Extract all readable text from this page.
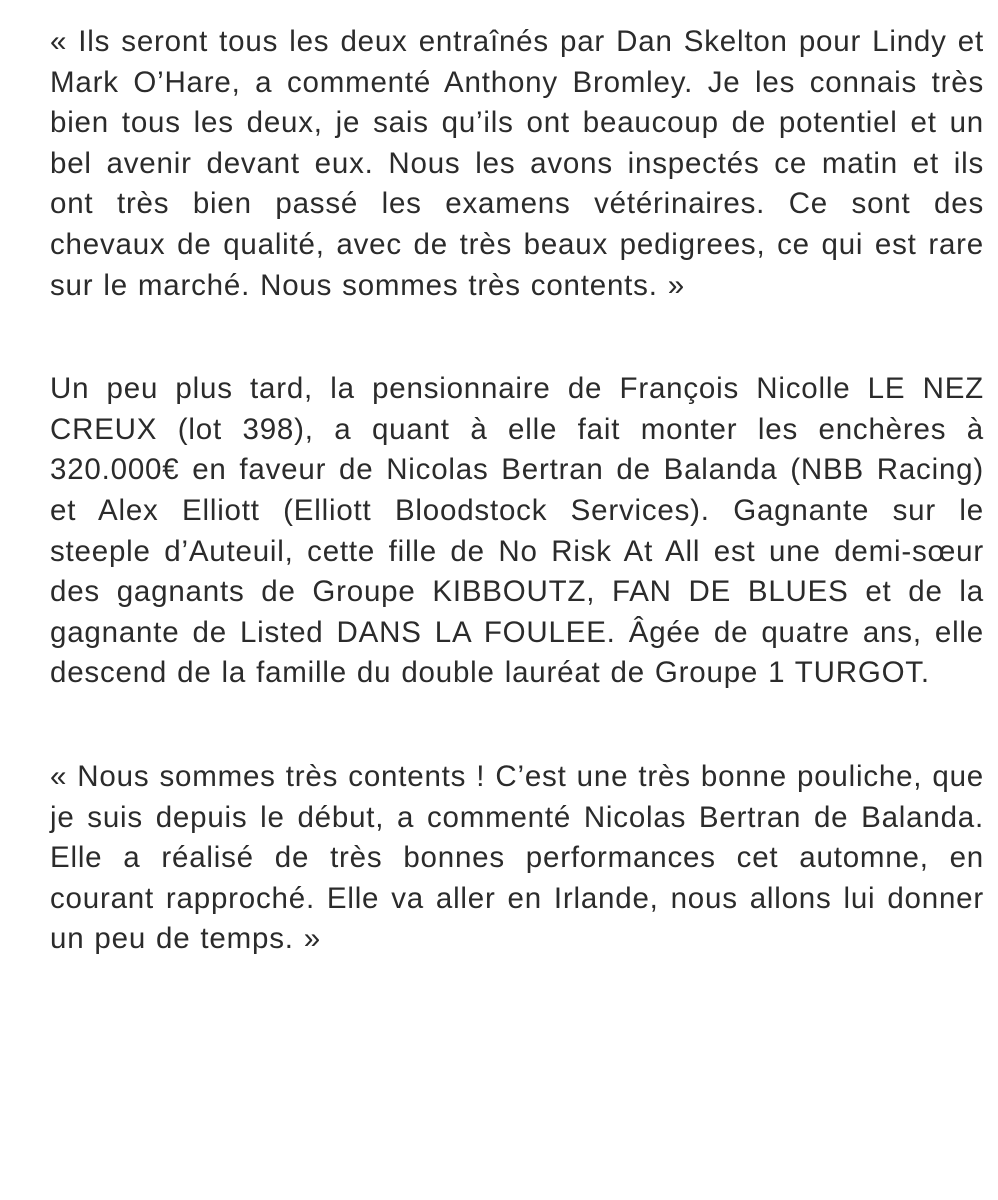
« Ils seront tous les deux entraînés par Dan Skelton pour Lindy et Mark O’Hare, a commenté Anthony Bromley. Je les connais très bien tous les deux, je sais qu’ils ont beaucoup de potentiel et un bel avenir devant eux. Nous les avons inspectés ce matin et ils ont très bien passé les examens vétérinaires. Ce sont des chevaux de qualité, avec de très beaux pedigrees, ce qui est rare sur le marché. Nous sommes très contents. »

Un peu plus tard, la pensionnaire de François Nicolle LE NEZ CREUX (lot 398), a quant à elle fait monter les enchères à 320.000€ en faveur de Nicolas Bertran de Balanda (NBB Racing) et Alex Elliott (Elliott Bloodstock Services). Gagnante sur le steeple d’Auteuil, cette fille de No Risk At All est une demi-sœur des gagnants de Groupe KIBBOUTZ, FAN DE BLUES et de la gagnante de Listed DANS LA FOULEE. Âgée de quatre ans, elle descend de la famille du double lauréat de Groupe 1 TURGOT.

« Nous sommes très contents ! C’est une très bonne pouliche, que je suis depuis le début, a commenté Nicolas Bertran de Balanda. Elle a réalisé de très bonnes performances cet automne, en courant rapproché. Elle va aller en Irlande, nous allons lui donner un peu de temps. »
